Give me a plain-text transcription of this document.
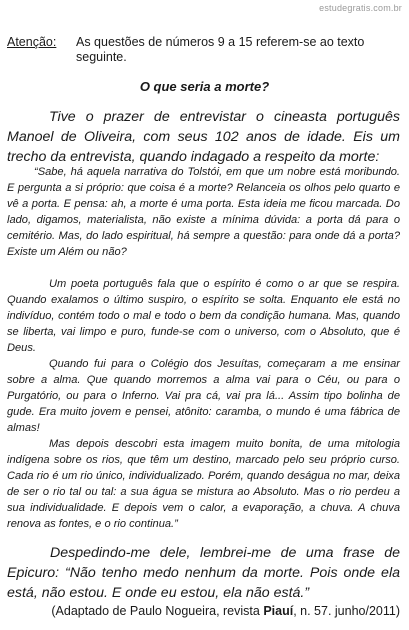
estudegratis.com.br
Atenção: As questões de números 9 a 15 referem-se ao texto seguinte.
O que seria a morte?

Tive o prazer de entrevistar o cineasta português Manoel de Oliveira, com seus 102 anos de idade. Eis um trecho da entrevista, quando indagado a respeito da morte:

“Sabe, há aquela narrativa do Tolstói, em que um nobre está moribundo. E pergunta a si próprio: que coisa é a morte? Relanceia os olhos pelo quarto e vê a porta. E pensa: ah, a morte é uma porta. Esta ideia me ficou marcada. Do lado, digamos, materialista, não existe a mínima dúvida: a porta dá para o cemitério. Mas, do lado espiritual, há sempre a questão: para onde dá a porta? Existe um Além ou não?

Um poeta português fala que o espírito é como o ar que se respira. Quando exalamos o último suspiro, o espírito se solta. Enquanto ele está no indivíduo, contém todo o mal e todo o bem da condição humana. Mas, quando se liberta, vai limpo e puro, funde-se com o universo, com o Absoluto, que é Deus.

Quando fui para o Colégio dos Jesuítas, começaram a me ensinar sobre a alma. Que quando morremos a alma vai para o Céu, ou para o Purgatório, ou para o Inferno. Vai pra cá, vai pra lá... Assim tipo bolinha de gude. Era muito jovem e pensei, atônito: caramba, o mundo é uma fábrica de almas!

Mas depois descobri esta imagem muito bonita, de uma mitologia indígena sobre os rios, que têm um destino, marcado pelo seu próprio curso. Cada rio é um rio único, individualizado. Porém, quando deságua no mar, deixa de ser o rio tal ou tal: a sua água se mistura ao Absoluto. Mas o rio perdeu a sua individualidade. E depois vem o calor, a evaporação, a chuva. A chuva renova as fontes, e o rio continua.”

Despedindo-me dele, lembrei-me de uma frase de Epicuro: “Não tenho medo nenhum da morte. Pois onde ela está, não estou. E onde eu estou, ela não está.”

(Adaptado de Paulo Nogueira, revista Piauí, n. 57. junho/2011)
